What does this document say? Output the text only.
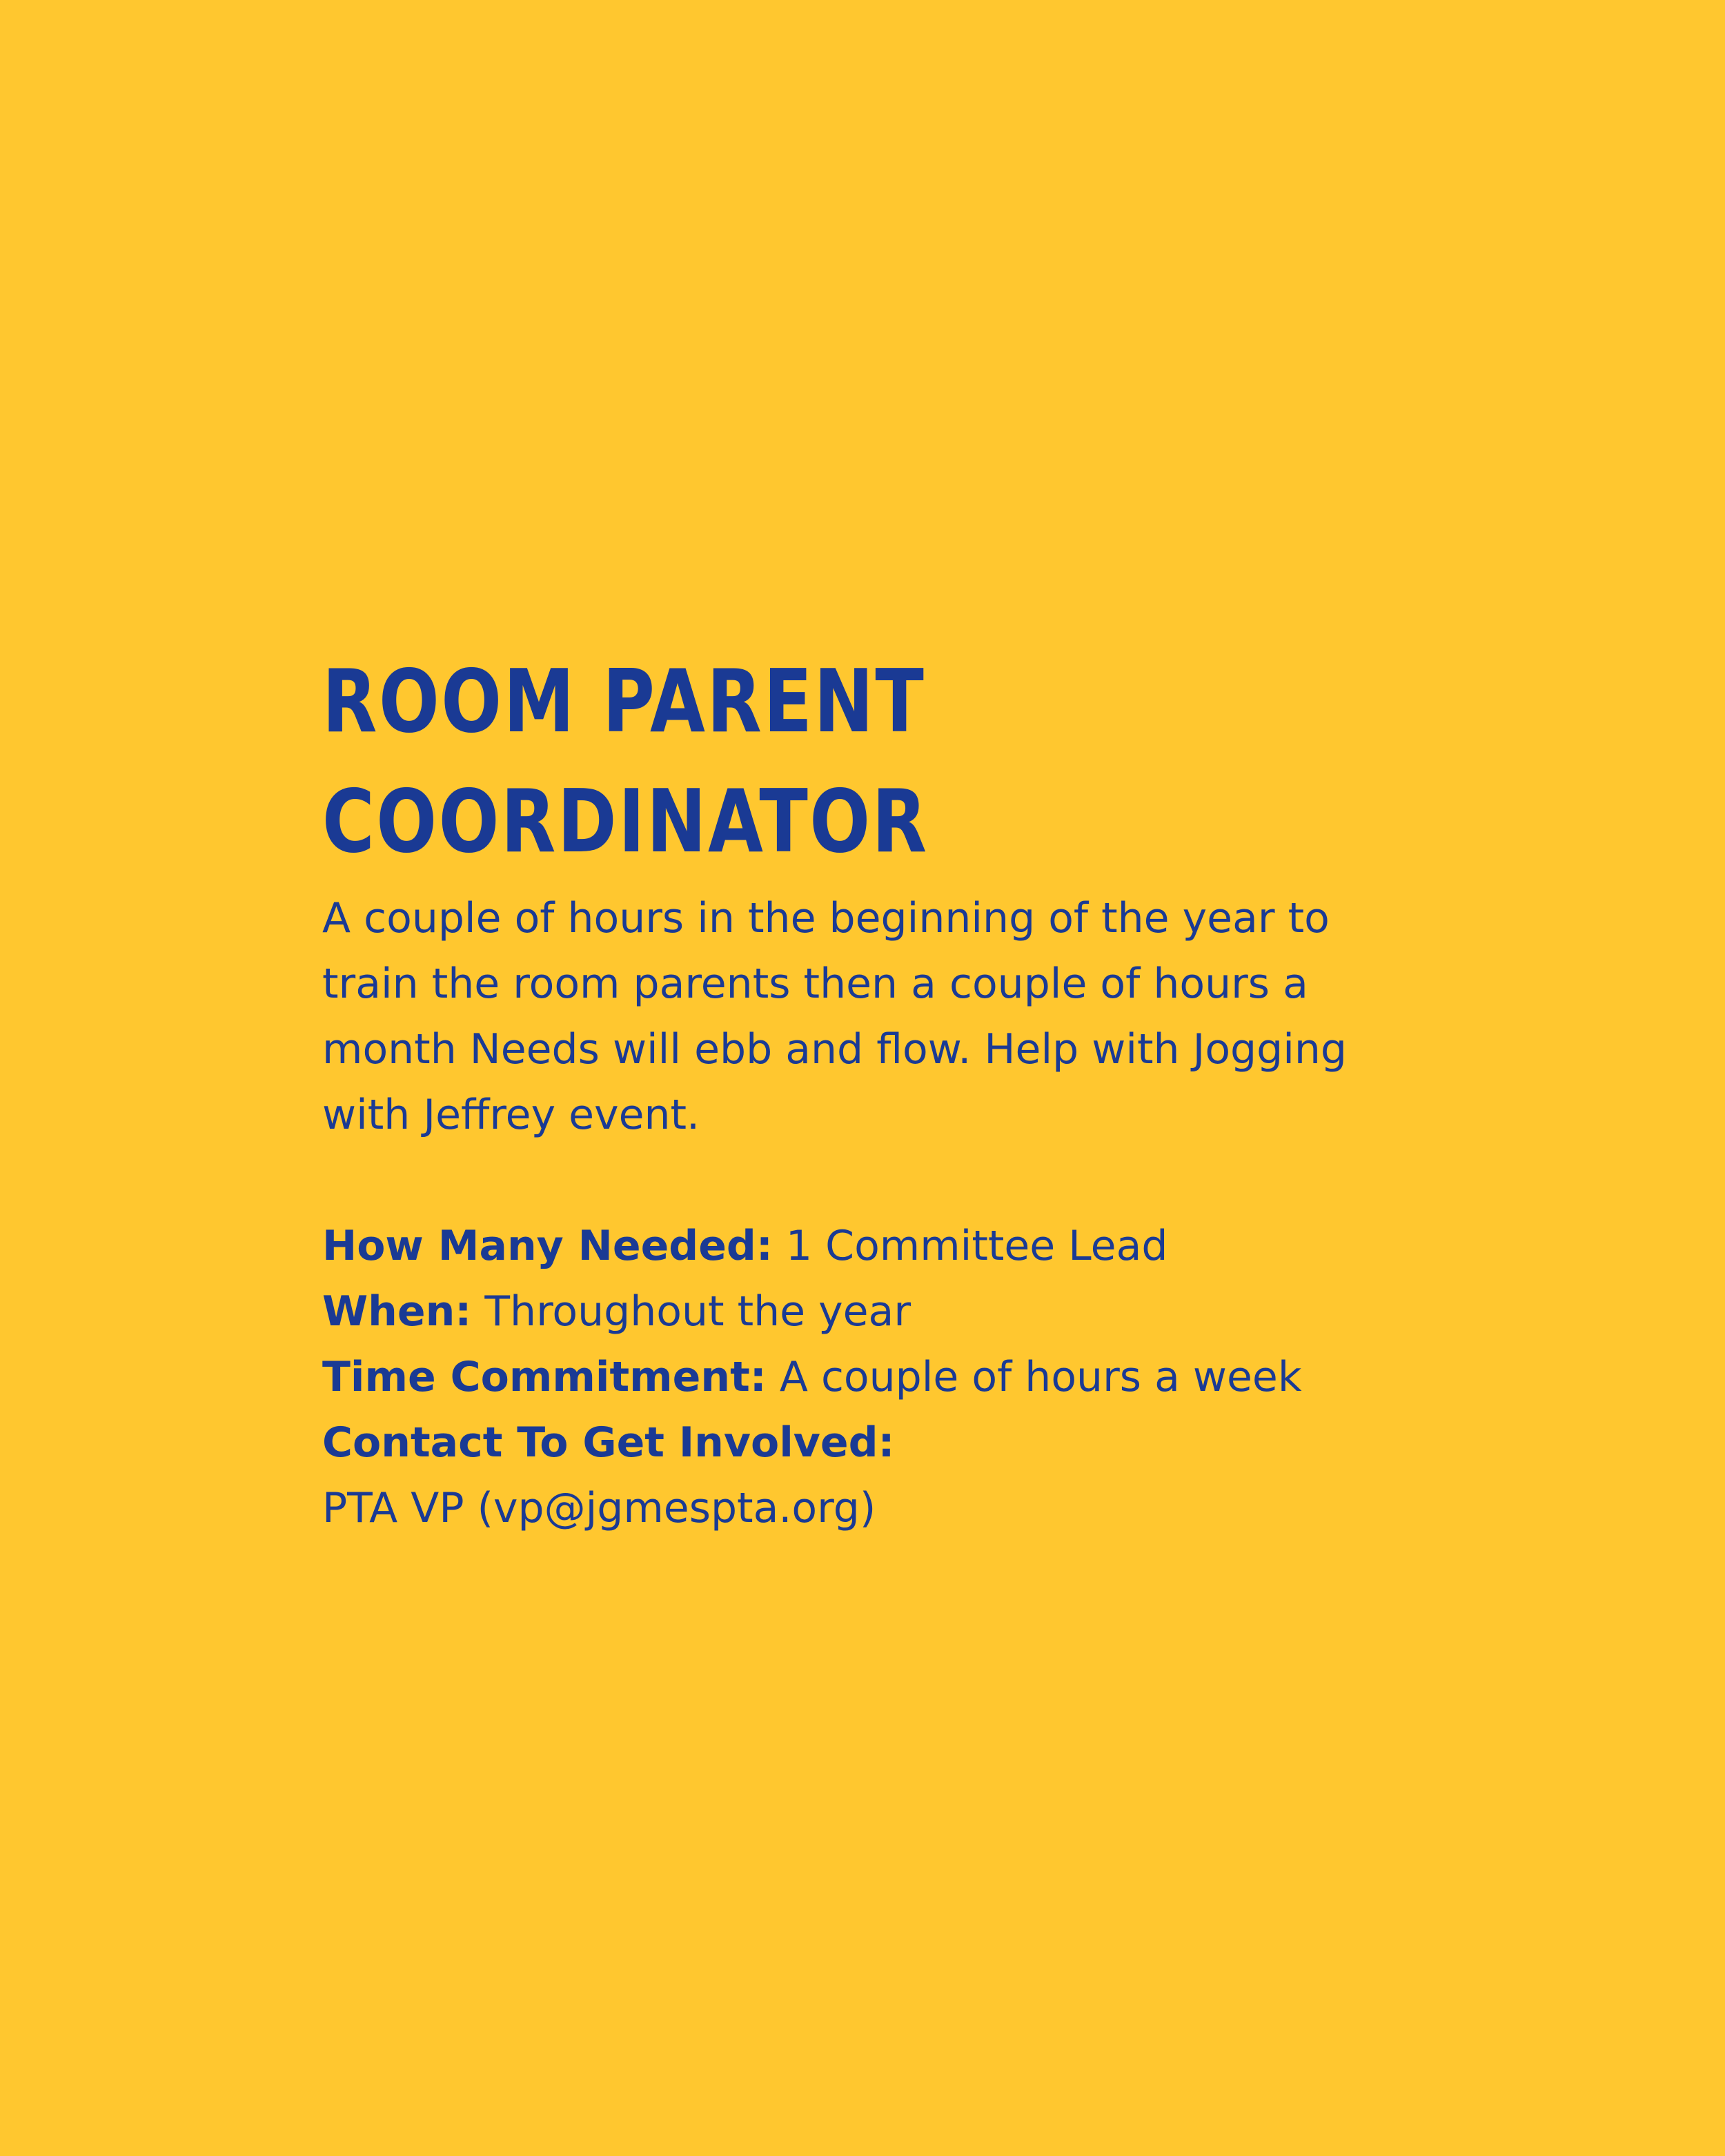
ROOM PARENT
COORDINATOR

A couple of hours in the beginning of the year to train the room parents then a couple of hours a month Needs will ebb and flow. Help with Jogging with Jeffrey event.

How Many Needed: 1 Committee Lead
When: Throughout the year
Time Commitment: A couple of hours a week
Contact To Get Involved:
PTA VP (vp@jgmespta.org)
